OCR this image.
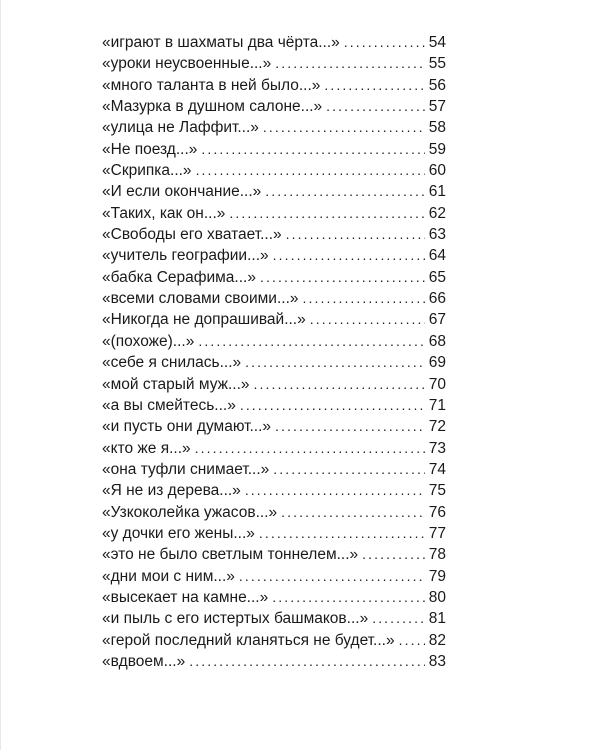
«играют в шахматы два чёрта...» .....	54
«уроки неусвоенные...» .....	55
«много таланта в ней было...» .....	56
«Мазурка в душном салоне...» .....	57
«улица не Лаффит...» .....	58
«Не поезд...» .....	59
«Скрипка...» .....	60
«И если окончание...» .....	61
«Таких, как он...» .....	62
«Свободы его хватает...» .....	63
«учитель географии...» .....	64
«бабка Серафима...» .....	65
«всеми словами своими...» .....	66
«Никогда не допрашивай...» .....	67
«(похоже)...» .....	68
«себе я снилась...» .....	69
«мой старый муж...» .....	70
«а вы смейтесь...» .....	71
«и пусть они думают...» .....	72
«кто же я...» .....	73
«она туфли снимает...» .....	74
«Я не из дерева...» .....	75
«Узкоколейка ужасов...» .....	76
«у дочки его жены...» .....	77
«это не было светлым тоннелем...» .....	78
«дни мои с ним...» .....	79
«высекает на камне...» .....	80
«и пыль с его истертых башмаков...» .....	81
«герой последний кланяться не будет...» ..... 82
«вдвоем...» .....	83
